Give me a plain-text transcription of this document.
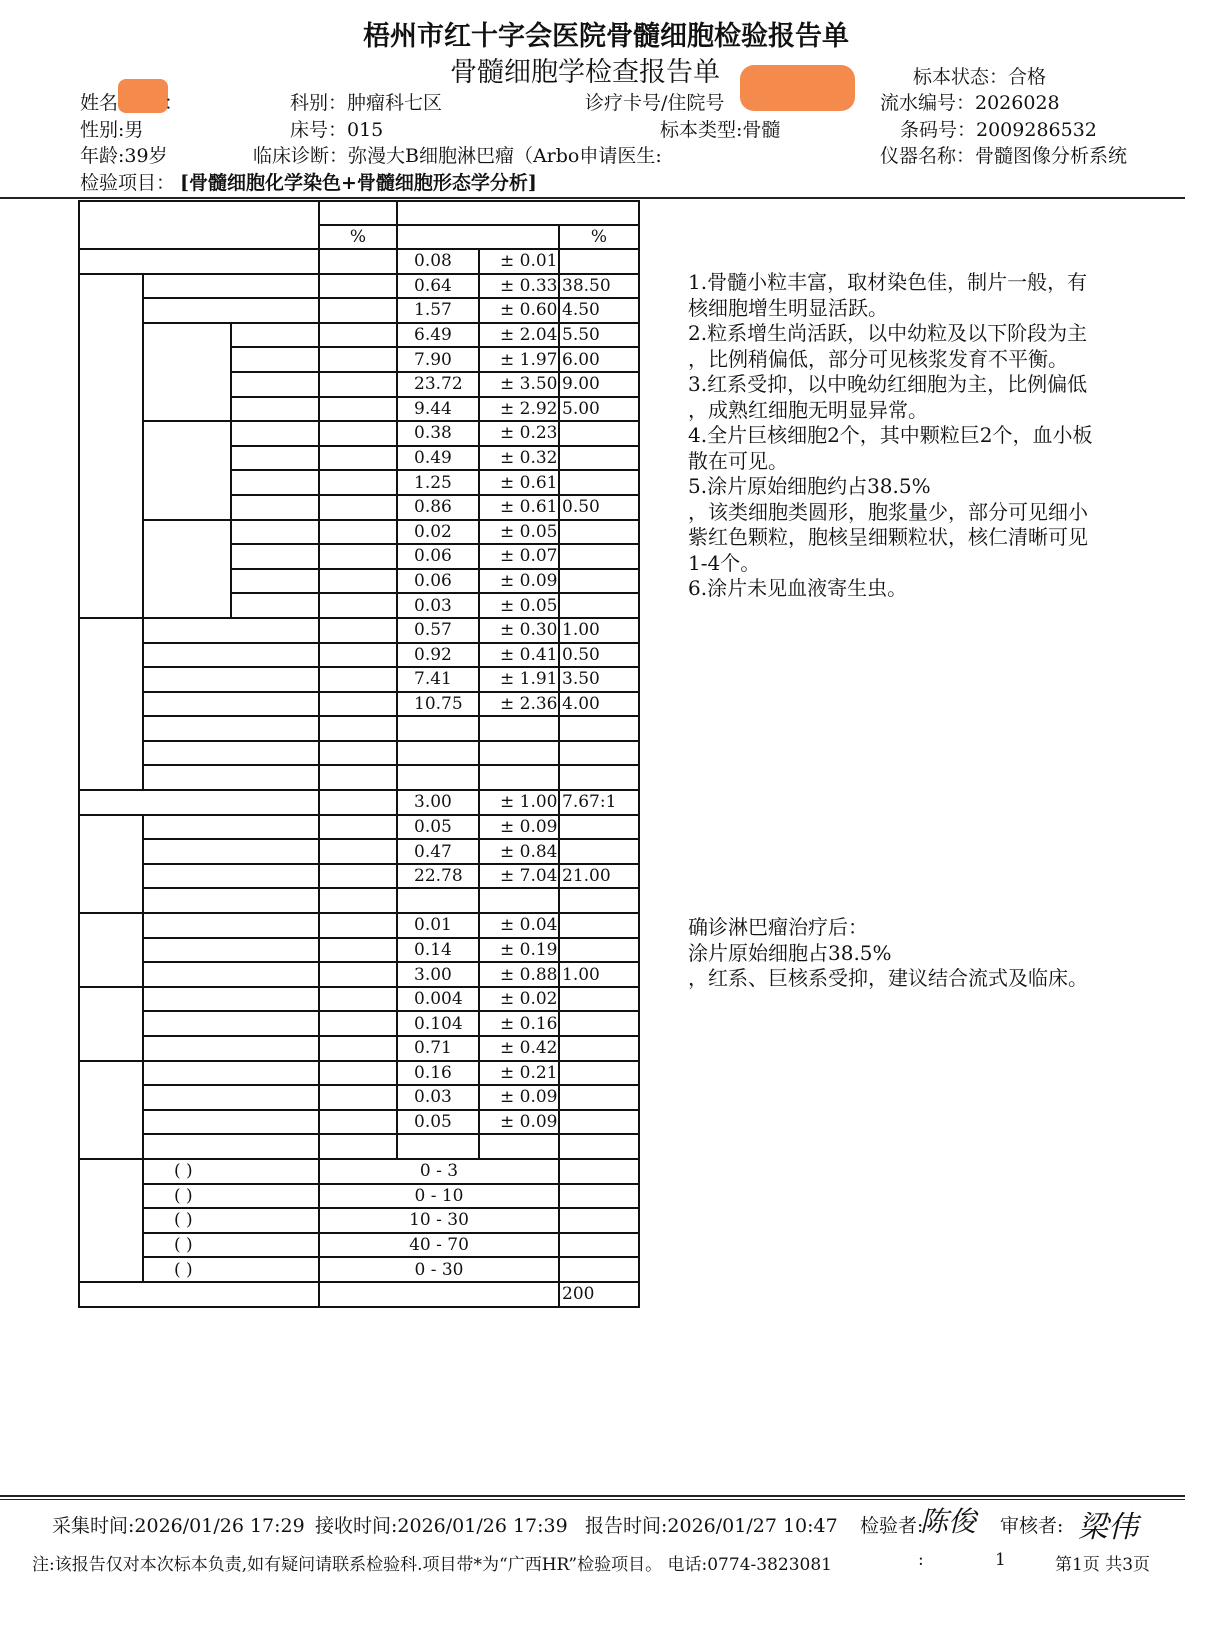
梧州市红十字会医院骨髓细胞检验报告单
骨髓细胞学检查报告单	标本状态：合格
姓名 ：	科别：肿瘤科七区	诊疗卡号/住院号	流水编号：2026028
性别:男	床号：015	标本类型:骨髓	条码号：2009286532
年龄:39岁	临床诊断：弥漫大B细胞淋巴瘤（Arbo申请医生:	仪器名称：骨髓图像分析系统
检验项目： [骨髓细胞化学染色+骨髓细胞形态学分析]

			%			%
				0.08	± 0.01	
				0.64	± 0.33	38.50
				1.57	± 0.60	4.50
				6.49	± 2.04	5.50
				7.90	± 1.97	6.00
				23.72	± 3.50	9.00
				9.44	± 2.92	5.00
				0.38	± 0.23	
				0.49	± 0.32	
				1.25	± 0.61	
				0.86	± 0.61	0.50
				0.02	± 0.05	
				0.06	± 0.07	
				0.06	± 0.09	
				0.03	± 0.05	
				0.57	± 0.30	1.00
				0.92	± 0.41	0.50
				7.41	± 1.91	3.50
				10.75	± 2.36	4.00

				3.00	± 1.00	7.67:1
				0.05	± 0.09	
				0.47	± 0.84	
				22.78	± 7.04	21.00

				0.01	± 0.04	
				0.14	± 0.19	
				3.00	± 0.88	1.00
				0.004	± 0.02	
				0.104	± 0.16	
				0.71	± 0.42	
				0.16	± 0.21	
				0.03	± 0.09	
				0.05	± 0.09	

	( )		0 - 3			
	( )		0 - 10			
	( )		10 - 30			
	( )		40 - 70			
	( )		0 - 30			
						200
1.骨髓小粒丰富，取材染色佳，制片一般，有
核细胞增生明显活跃。
2.粒系增生尚活跃，以中幼粒及以下阶段为主
，比例稍偏低，部分可见核浆发育不平衡。
3.红系受抑，以中晚幼红细胞为主，比例偏低
，成熟红细胞无明显异常。
4.全片巨核细胞2个，其中颗粒巨2个，血小板
散在可见。
5.涂片原始细胞约占38.5%
，该类细胞类圆形，胞浆量少，部分可见细小
紫红色颗粒，胞核呈细颗粒状，核仁清晰可见
1-4个。
6.涂片未见血液寄生虫。
确诊淋巴瘤治疗后：
涂片原始细胞占38.5%
，红系、巨核系受抑，建议结合流式及临床。
采集时间:2026/01/26 17:29 接收时间:2026/01/26 17:39 报告时间:2026/01/27 10:47 检验者:
陈俊 审核者: 梁伟
注:该报告仅对本次标本负责,如有疑问请联系检验科.项目带*为“广西HR”检验项目。 电话:0774-3823081	:	1	第1页 共3页
